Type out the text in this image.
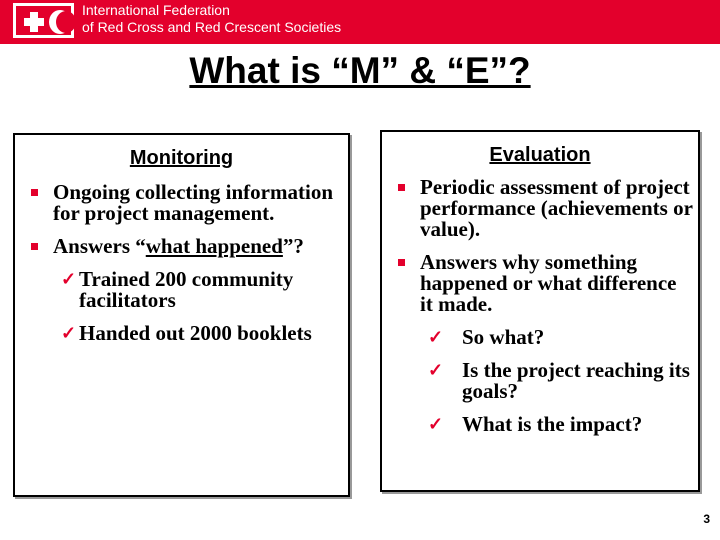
International Federation
of Red Cross and Red Crescent Societies
What is “M” & “E”?
Monitoring
Ongoing collecting information for project management.
Answers “what happened”?
✓ Trained 200 community facilitators
✓ Handed out 2000 booklets
Evaluation
Periodic assessment of project performance (achievements or value).
Answers why something happened or what difference it made.
✓ So what?
✓ Is the project reaching its goals?
✓ What is the impact?
3
